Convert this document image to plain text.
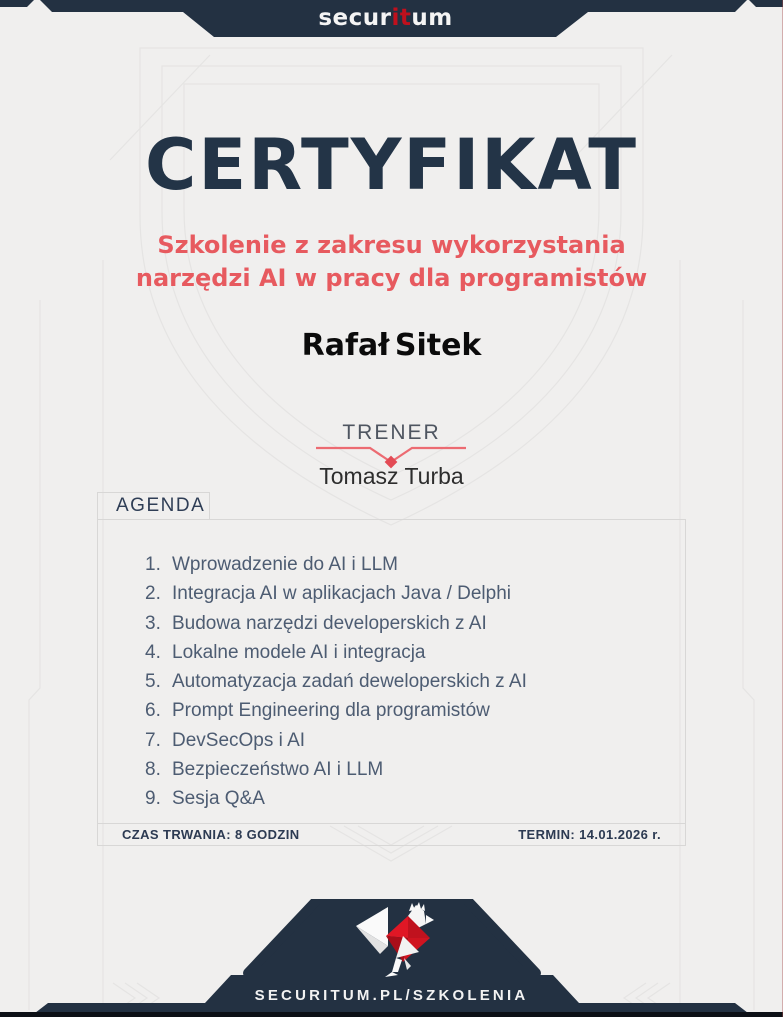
securitum
CERTYFIKAT
Szkolenie z zakresu wykorzystania
narzędzi AI w pracy dla programistów
Rafał Sitek
TRENER
Tomasz Turba
AGENDA
1. Wprowadzenie do AI i LLM
2. Integracja AI w aplikacjach Java / Delphi
3. Budowa narzędzi developerskich z AI
4. Lokalne modele AI i integracja
5. Automatyzacja zadań deweloperskich z AI
6. Prompt Engineering dla programistów
7. DevSecOps i AI
8. Bezpieczeństwo AI i LLM
9. Sesja Q&A
CZAS TRWANIA: 8 GODZIN	TERMIN: 14.01.2026 r.
SECURITUM.PL/SZKOLENIA
